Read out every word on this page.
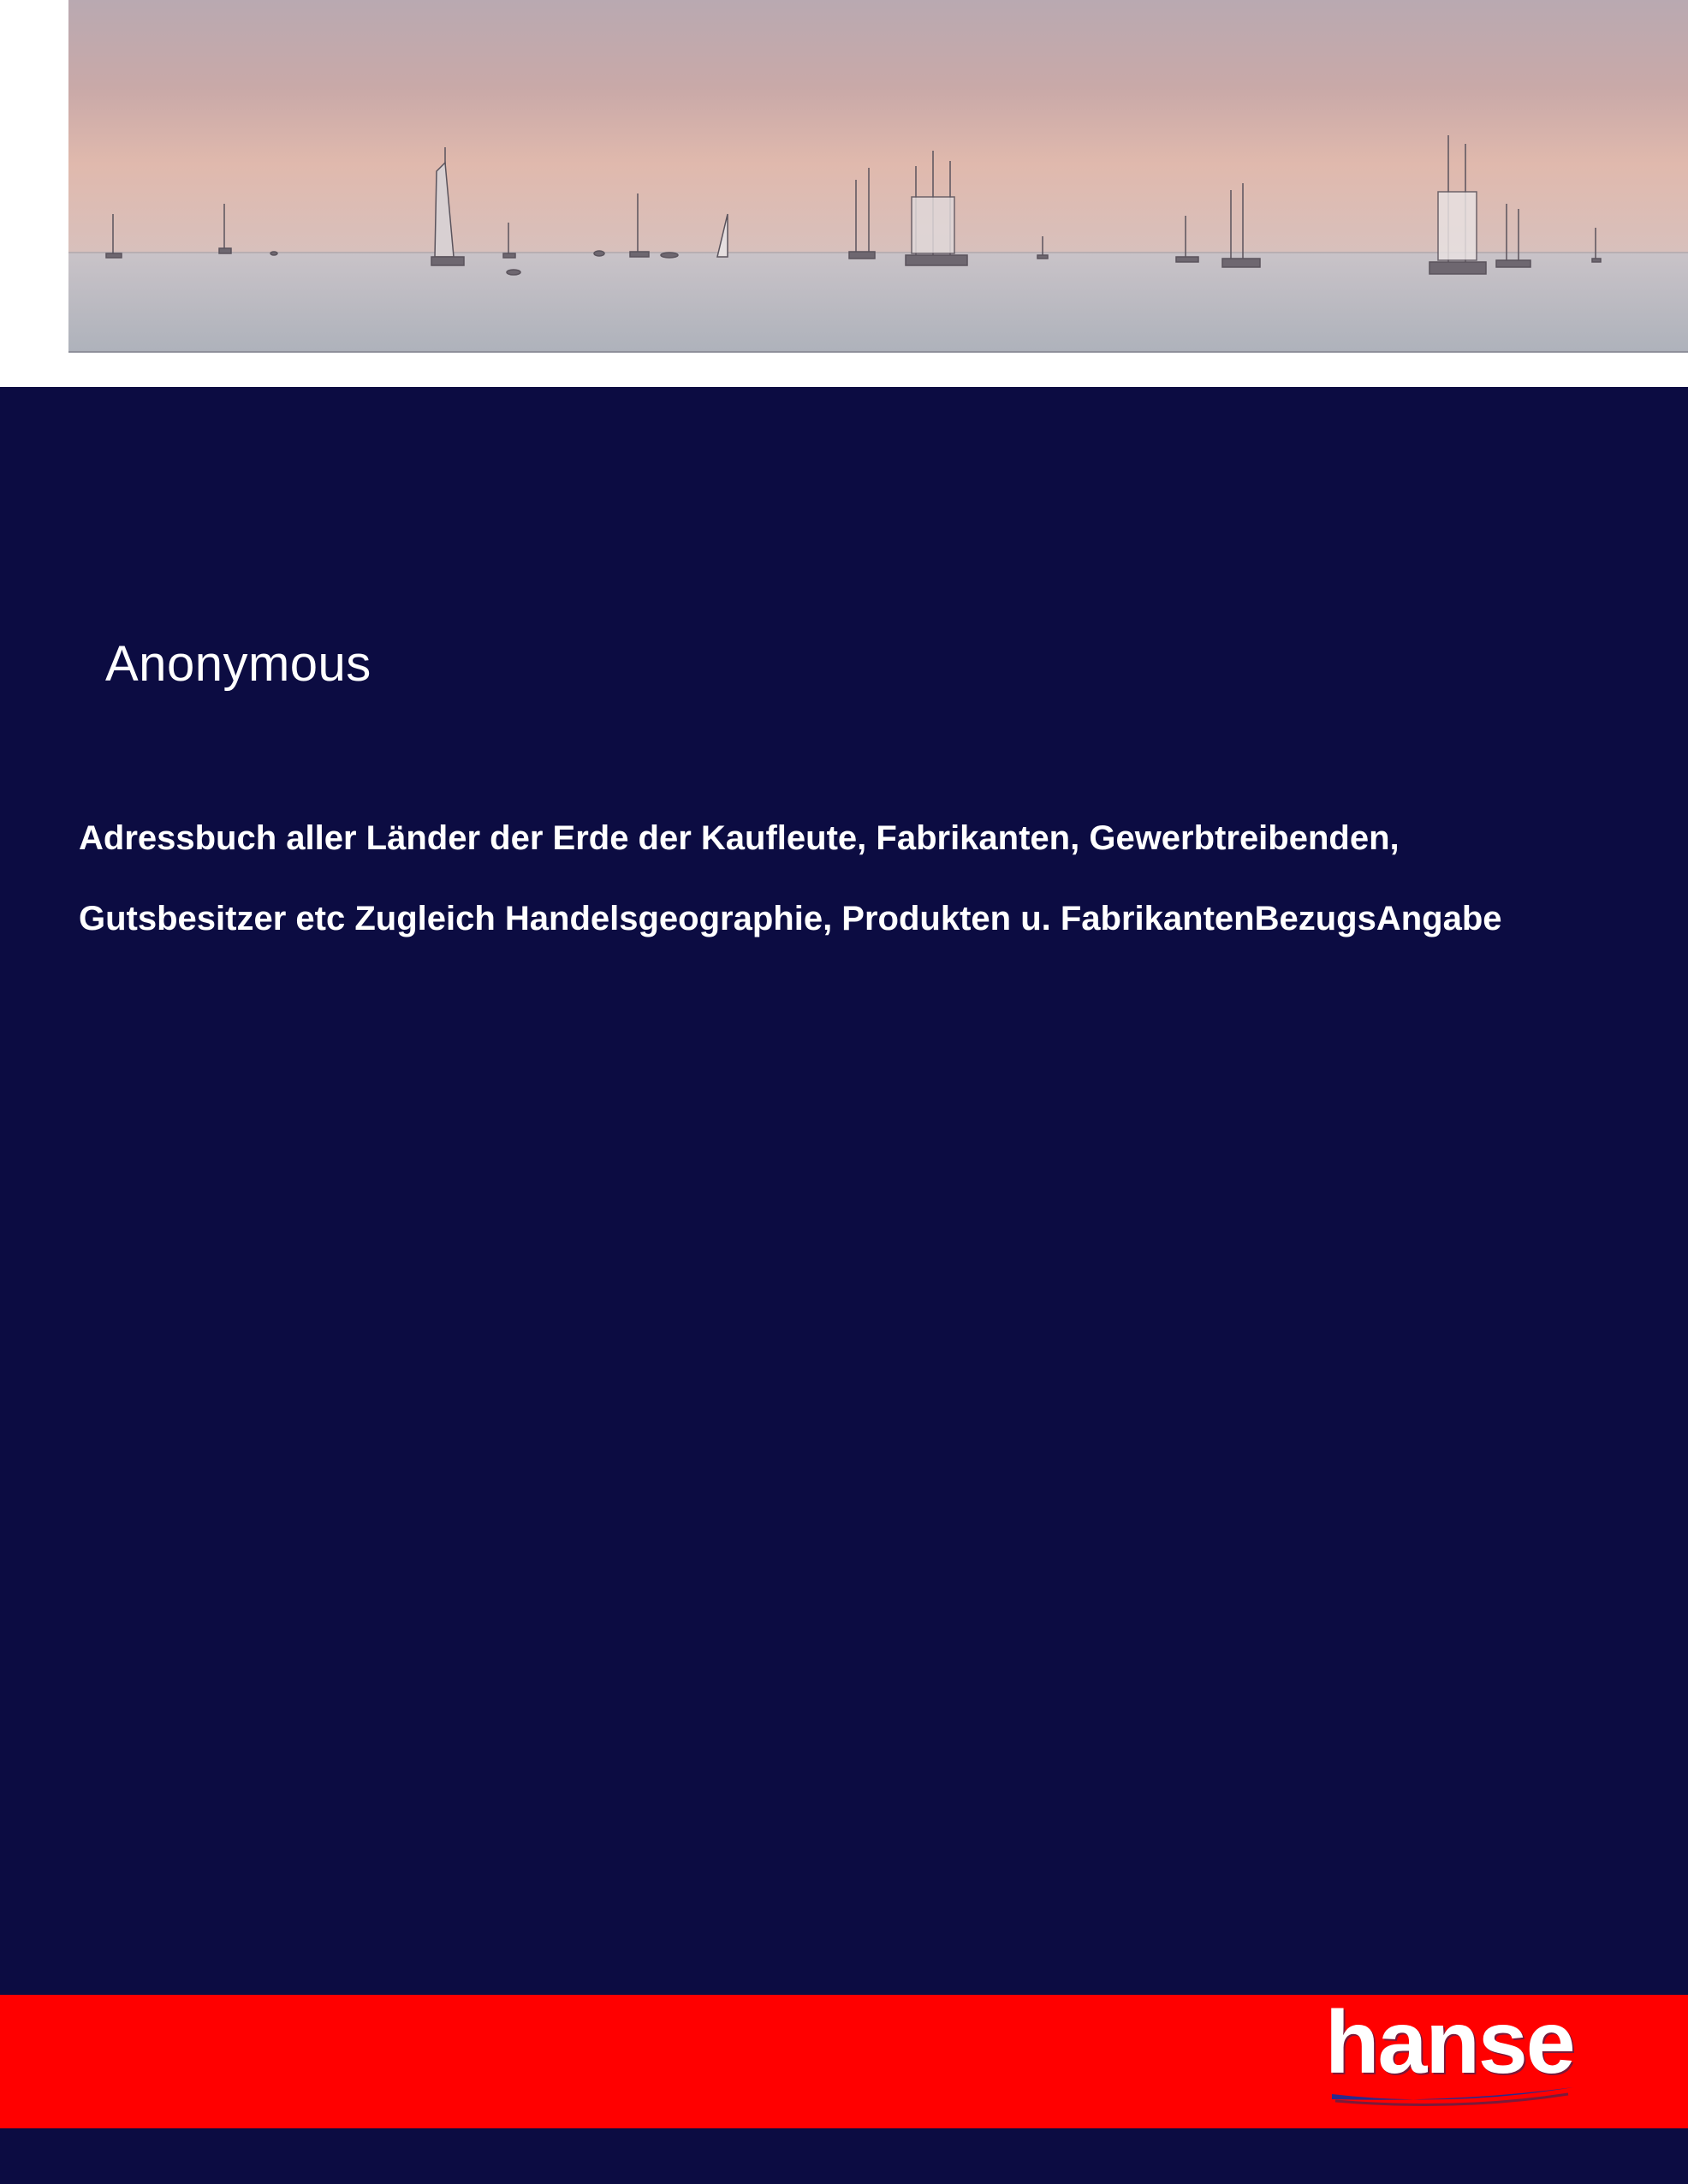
Anonymous
Adressbuch aller Länder der Erde der Kaufleute, Fabrikanten, Gewerbtreibenden,
Gutsbesitzer etc Zugleich Handelsgeographie, Produkten u. FabrikantenBezugsAngabe
hanse
